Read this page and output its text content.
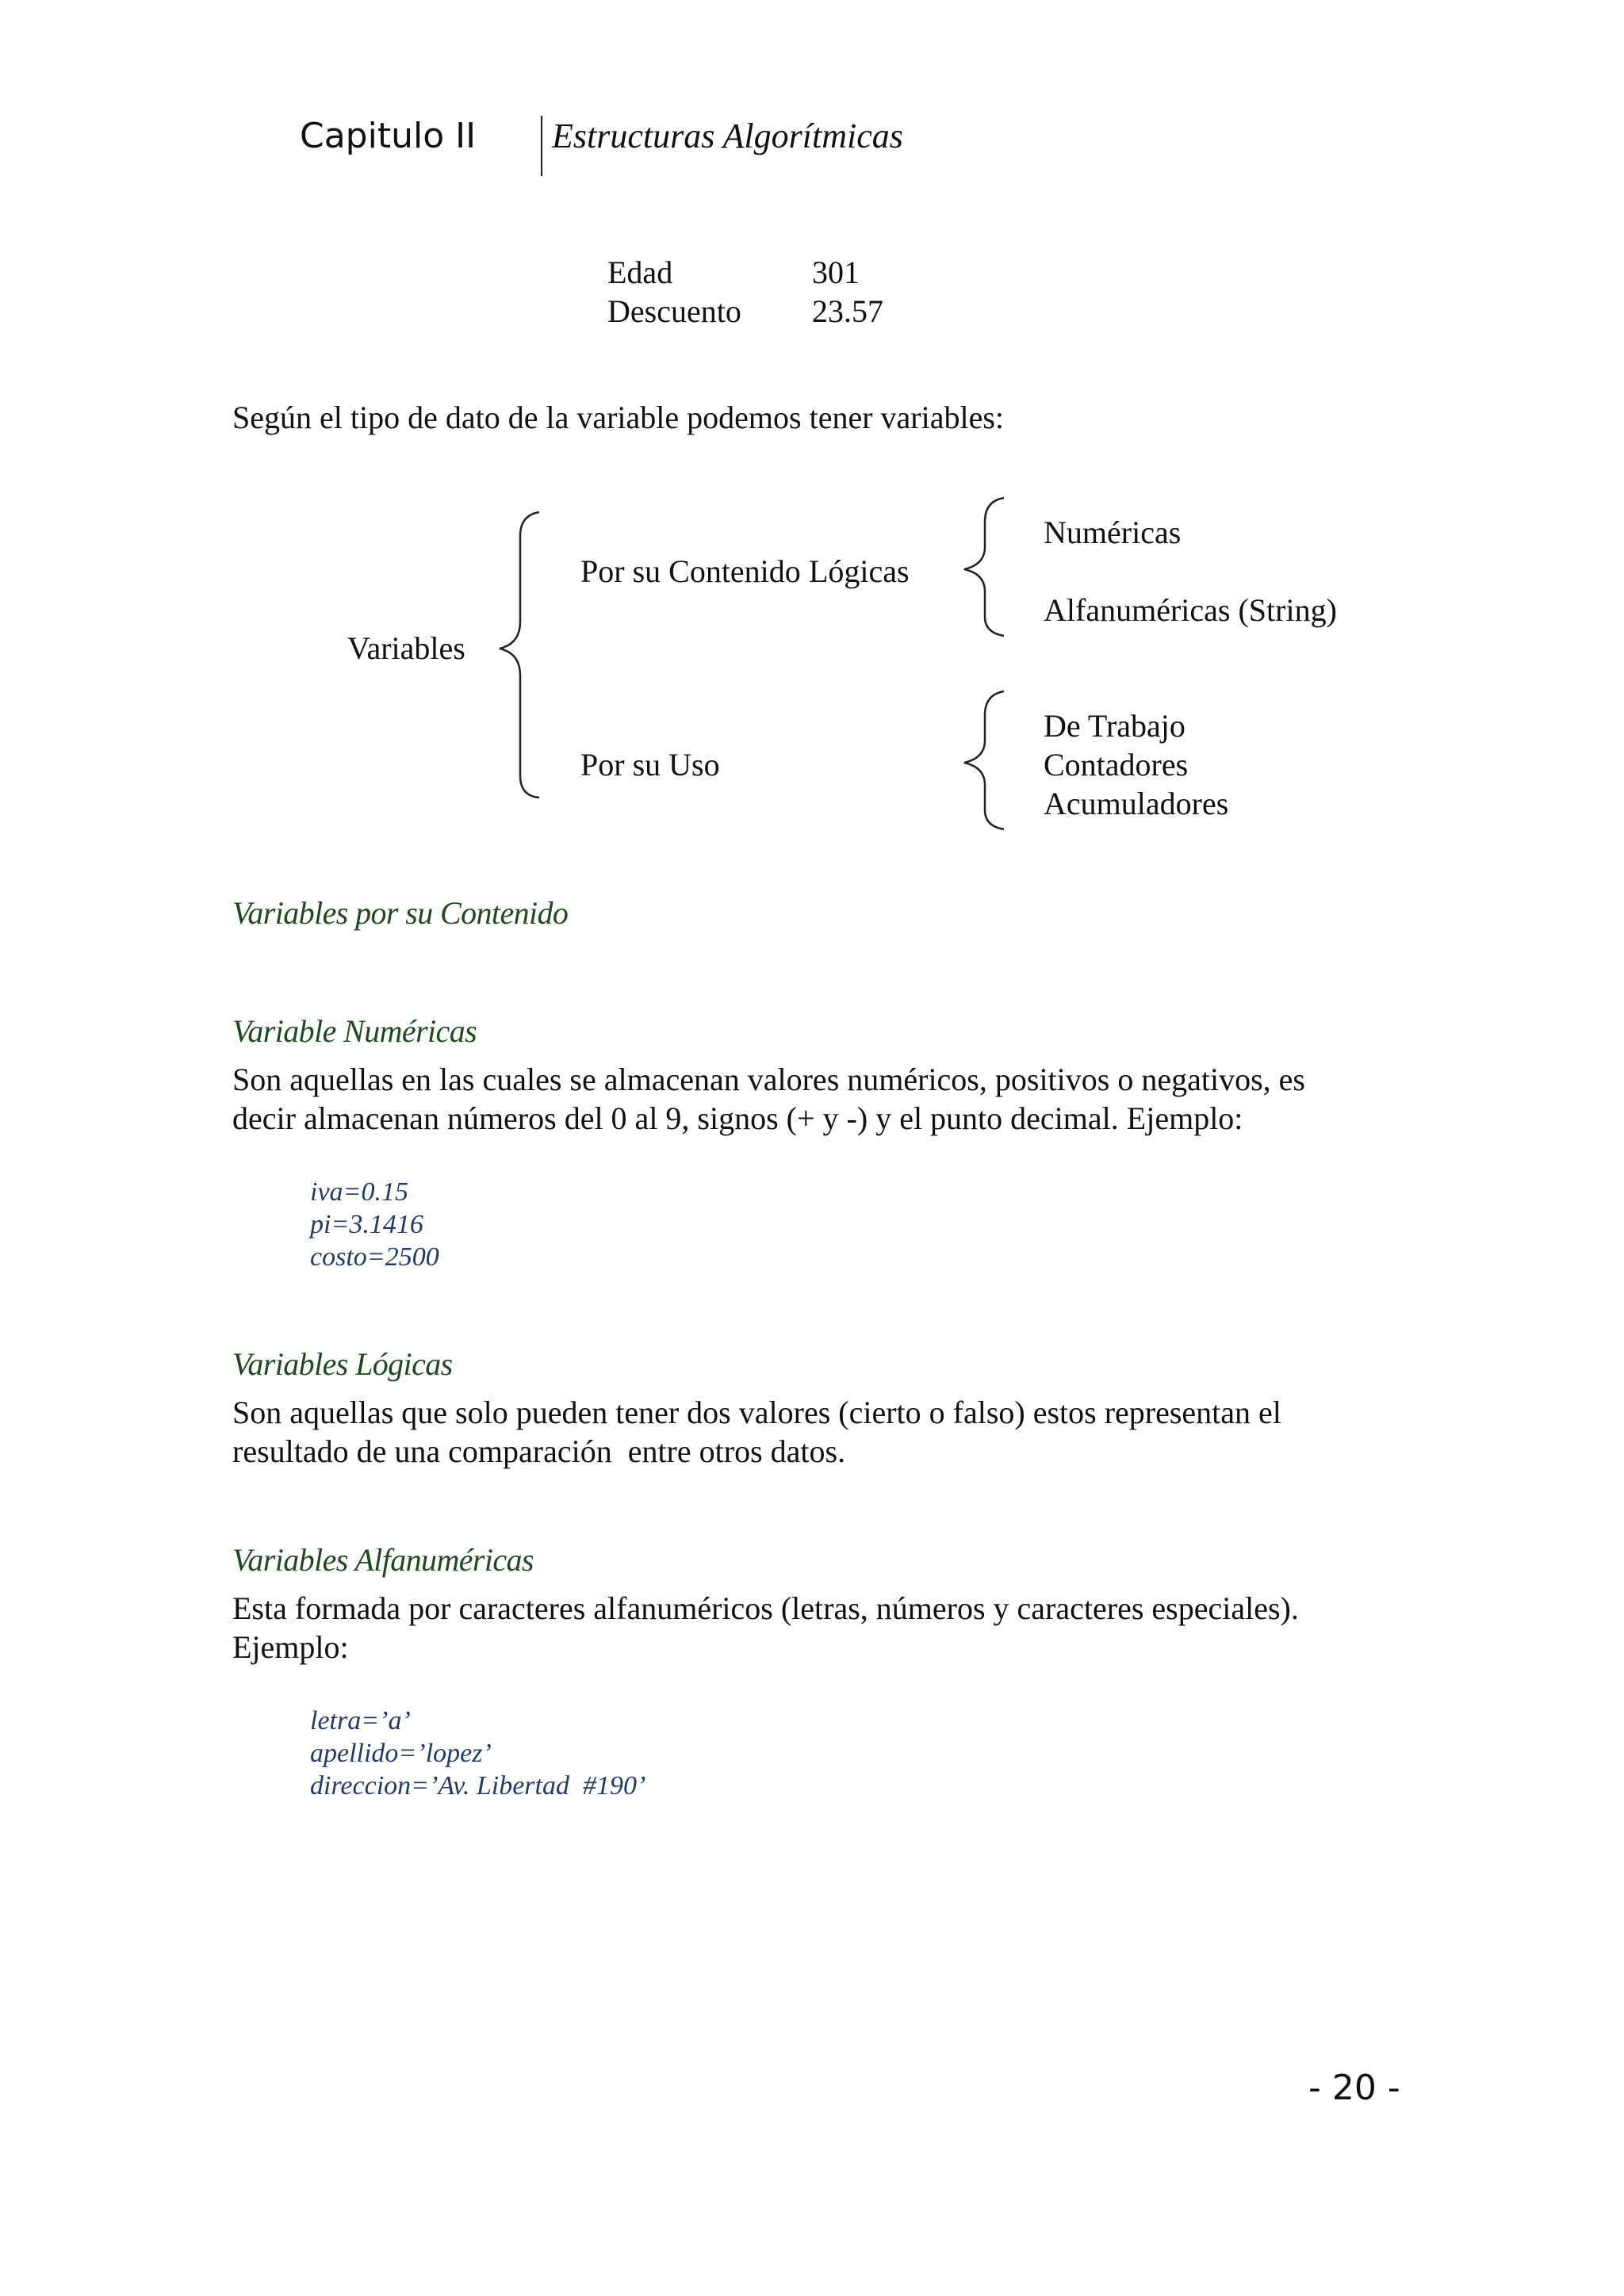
Capitulo II Estructuras Algorítmicas
Edad	301
Descuento 23.57
Según el tipo de dato de la variable podemos tener variables:
Variables
Por su Contenido Lógicas
Numéricas
Alfanuméricas (String)
Por su Uso
De Trabajo
Contadores
Acumuladores
Variables por su Contenido
Variable Numéricas
Son aquellas en las cuales se almacenan valores numéricos, positivos o negativos, es
decir almacenan números del 0 al 9, signos (+ y -) y el punto decimal. Ejemplo:
iva=0.15
pi=3.1416
costo=2500
Variables Lógicas
Son aquellas que solo pueden tener dos valores (cierto o falso) estos representan el
resultado de una comparación  entre otros datos.
Variables Alfanuméricas
Esta formada por caracteres alfanuméricos (letras, números y caracteres especiales).
Ejemplo:
letra=’a’
apellido=’lopez’
direccion=’Av. Libertad  #190’
- 20 -
